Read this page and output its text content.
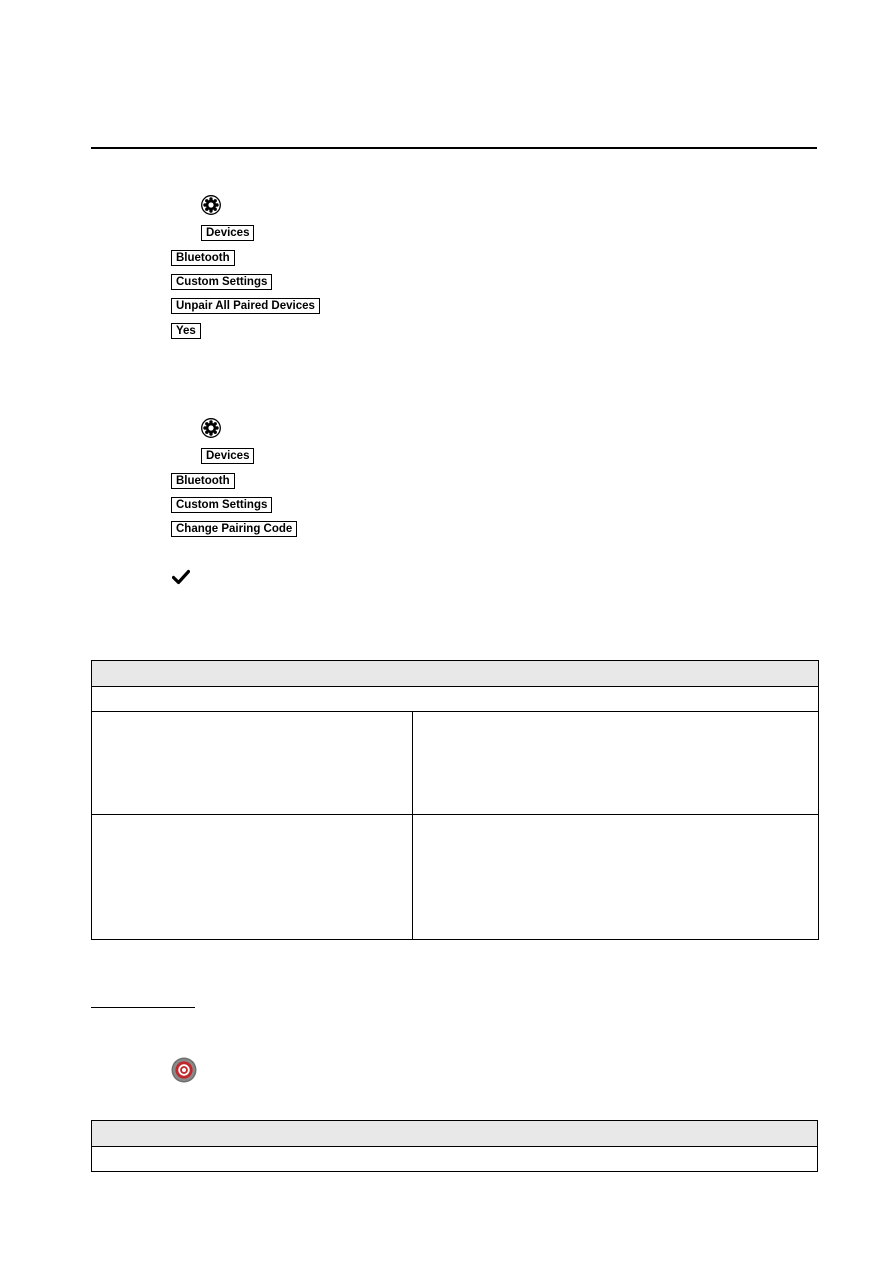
Devices
Bluetooth
Custom Settings
Unpair All Paired Devices
Yes
Devices
Bluetooth
Custom Settings
Change Pairing Code
